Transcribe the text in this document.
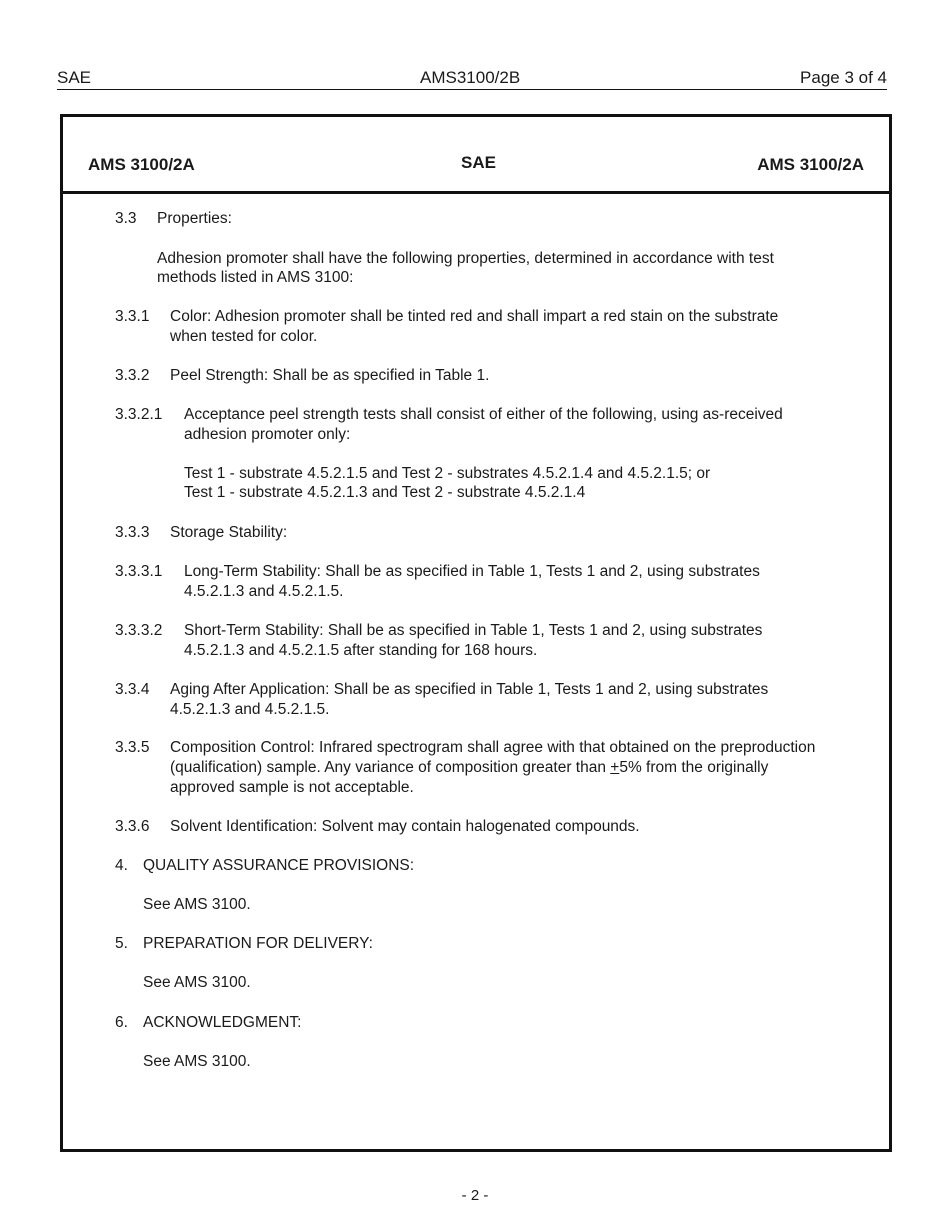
SAE	AMS3100/2B	Page 3 of 4
AMS 3100/2A	SAE	AMS 3100/2A
3.3 Properties:
Adhesion promoter shall have the following properties, determined in accordance with test
methods listed in AMS 3100:
3.3.1 Color: Adhesion promoter shall be tinted red and shall impart a red stain on the substrate
when tested for color.
3.3.2 Peel Strength: Shall be as specified in Table 1.
3.3.2.1 Acceptance peel strength tests shall consist of either of the following, using as-received
adhesion promoter only:
Test 1 - substrate 4.5.2.1.5 and Test 2 - substrates 4.5.2.1.4 and 4.5.2.1.5; or
Test 1 - substrate 4.5.2.1.3 and Test 2 - substrate 4.5.2.1.4
3.3.3 Storage Stability:
3.3.3.1 Long-Term Stability: Shall be as specified in Table 1, Tests 1 and 2, using substrates
4.5.2.1.3 and 4.5.2.1.5.
3.3.3.2 Short-Term Stability: Shall be as specified in Table 1, Tests 1 and 2, using substrates
4.5.2.1.3 and 4.5.2.1.5 after standing for 168 hours.
3.3.4 Aging After Application: Shall be as specified in Table 1, Tests 1 and 2, using substrates
4.5.2.1.3 and 4.5.2.1.5.
3.3.5 Composition Control: Infrared spectrogram shall agree with that obtained on the preproduction
(qualification) sample. Any variance of composition greater than +5% from the originally
approved sample is not acceptable.
3.3.6 Solvent Identification: Solvent may contain halogenated compounds.
4. QUALITY ASSURANCE PROVISIONS:
See AMS 3100.
5. PREPARATION FOR DELIVERY:
See AMS 3100.
6. ACKNOWLEDGMENT:
See AMS 3100.
- 2 -
